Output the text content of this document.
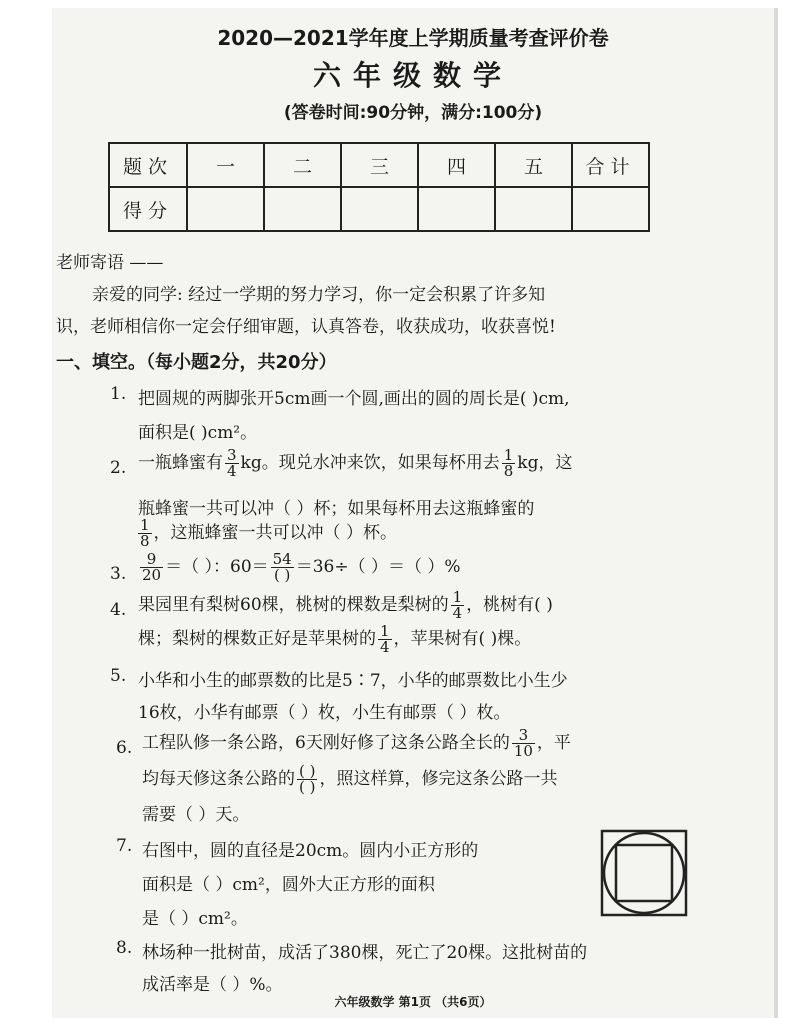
2020—2021学年度上学期质量考查评价卷
六年级数学
(答卷时间:90分钟，满分:100分)
题次	一	二	三	四	五	合计
得分						
老师寄语 ——
亲爱的同学: 经过一学期的努力学习，你一定会积累了许多知
识，老师相信你一定会仔细审题，认真答卷，收获成功，收获喜悦!
一、填空。（每小题2分，共20分）
1. 把圆规的两脚张开5cm画一个圆,画出的圆的周长是( )cm,
面积是( )cm²。
2. 一瓶蜂蜜有 $\frac{3}{4}$ kg。现兑水冲来饮，如果每杯用去 $\frac{1}{8}$ kg，这
瓶蜂蜜一共可以冲（ ）杯；如果每杯用去这瓶蜂蜜的
$\frac{1}{8}$ ，这瓶蜂蜜一共可以冲（ ）杯。
3. $\frac{9}{20}$ ＝（ ）：$60= \frac{54}{( )} =36\div$（ ）＝（ ）%
4. 果园里有梨树60棵，桃树的棵数是梨树的 $\frac{1}{4}$ ，桃树有( )
棵；梨树的棵数正好是苹果树的 $\frac{1}{4}$ ，苹果树有( )棵。
5. 小华和小生的邮票数的比是5∶7，小华的邮票数比小生少
16枚，小华有邮票（ ）枚，小生有邮票（ ）枚。
6. 工程队修一条公路，6天刚好修了这条公路全长的 $\frac{3}{10}$ ，平
均每天修这条公路的 $\frac{( )}{( )}$ ，照这样算，修完这条公路一共
需要（ ）天。
7. 右图中，圆的直径是20cm。圆内小正方形的
面积是（ ）cm²，圆外大正方形的面积
是（ ）cm²。
8. 林场种一批树苗，成活了380棵，死亡了20棵。这批树苗的
成活率是（ ）%。
六年级数学 第1页 （共6页）
